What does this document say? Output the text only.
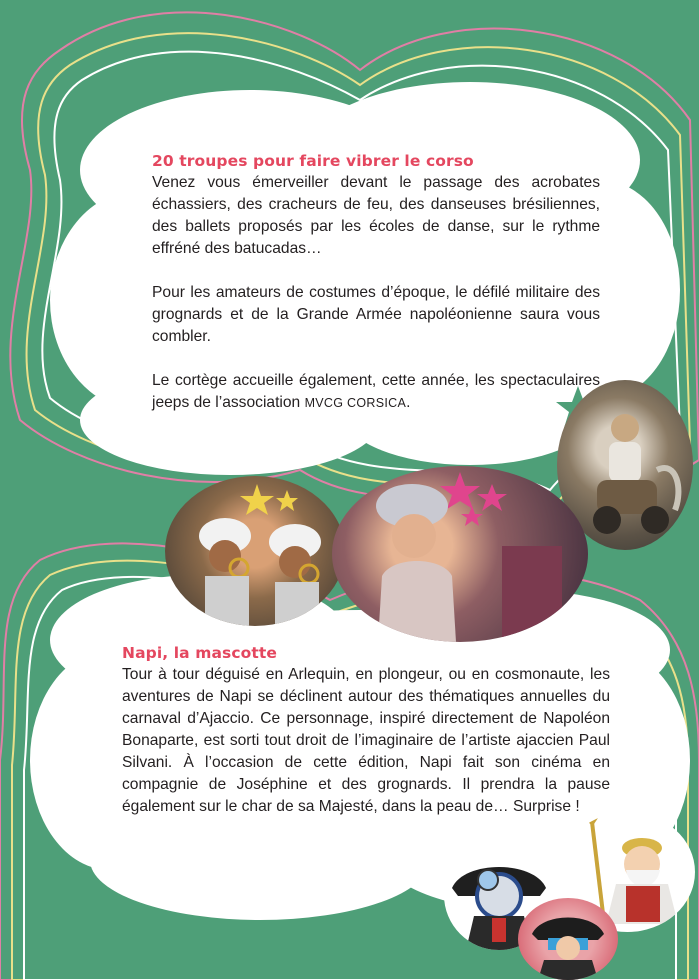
20 troupes pour faire vibrer le corso

Venez vous émerveiller devant le passage des acrobates échassiers, des cracheurs de feu, des danseuses brésiliennes, des ballets proposés par les écoles de danse, sur le rythme effréné des batucadas…

Pour les amateurs de costumes d’époque, le défilé militaire des grognards et de la Grande Armée napoléonienne saura vous combler.

Le cortège accueille également, cette année, les spectaculaires jeeps de l’association MVCG CORSICA.

Napi, la mascotte

Tour à tour déguisé en Arlequin, en plongeur, ou en cosmonaute, les aventures de Napi se déclinent autour des thématiques annuelles du carnaval d’Ajaccio. Ce personnage, inspiré directement de Napoléon Bonaparte, est sorti tout droit de l’imaginaire de l’artiste ajaccien Paul Silvani. À l’occasion de cette édition, Napi fait son cinéma en compagnie de Joséphine et des grognards. Il prendra la pause également sur le char de sa Majesté, dans la peau de… Surprise !
